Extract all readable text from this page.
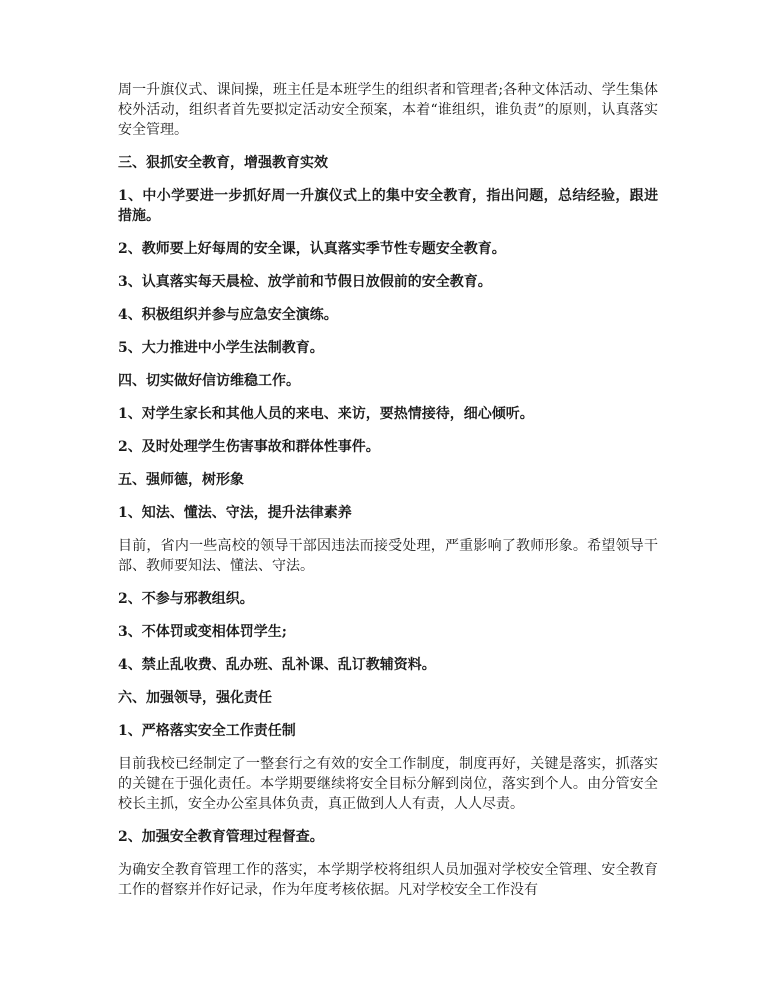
周一升旗仪式、课间操，班主任是本班学生的组织者和管理者;各种文体活动、学生集体校外活动，组织者首先要拟定活动安全预案，本着“谁组织，谁负责”的原则，认真落实安全管理。

三、狠抓安全教育，增强教育实效

1、中小学要进一步抓好周一升旗仪式上的集中安全教育，指出问题，总结经验，跟进措施。

2、教师要上好每周的安全课，认真落实季节性专题安全教育。

3、认真落实每天晨检、放学前和节假日放假前的安全教育。

4、积极组织并参与应急安全演练。

5、大力推进中小学生法制教育。

四、切实做好信访维稳工作。

1、对学生家长和其他人员的来电、来访，要热情接待，细心倾听。

2、及时处理学生伤害事故和群体性事件。

五、强师德，树形象

1、知法、懂法、守法，提升法律素养

目前，省内一些高校的领导干部因违法而接受处理，严重影响了教师形象。希望领导干部、教师要知法、懂法、守法。

2、不参与邪教组织。

3、不体罚或变相体罚学生;

4、禁止乱收费、乱办班、乱补课、乱订教辅资料。

六、加强领导，强化责任

1、严格落实安全工作责任制

目前我校已经制定了一整套行之有效的安全工作制度，制度再好，关键是落实，抓落实的关键在于强化责任。本学期要继续将安全目标分解到岗位，落实到个人。由分管安全校长主抓，安全办公室具体负责，真正做到人人有责，人人尽责。

2、加强安全教育管理过程督查。

为确安全教育管理工作的落实，本学期学校将组织人员加强对学校安全管理、安全教育工作的督察并作好记录，作为年度考核依据。凡对学校安全工作没有
